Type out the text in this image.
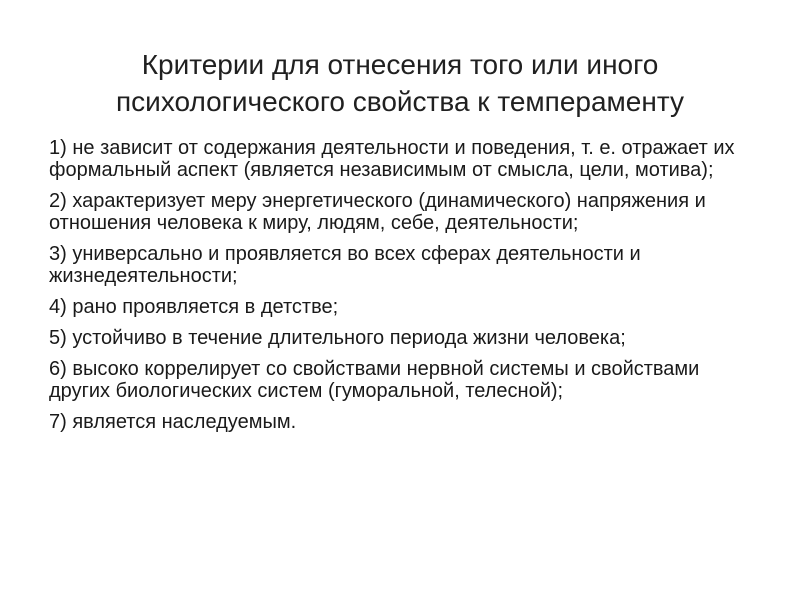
Критерии для отнесения того или иного
психологического свойства к темпераменту
1) не зависит от содержания деятельности и поведения, т. е. отражает их формальный аспект (является независимым от смысла, цели, мотива);
2) характеризует меру энергетического (динамического) напряжения и отношения человека к миру, людям, себе, деятельности;
3) универсально и проявляется во всех сферах деятельности и жизнедеятельности;
4) рано проявляется в детстве;
5) устойчиво в течение длительного периода жизни человека;
6) высоко коррелирует со свойствами нервной системы и свойствами других биологических систем (гуморальной, телесной);
7) является наследуемым.
